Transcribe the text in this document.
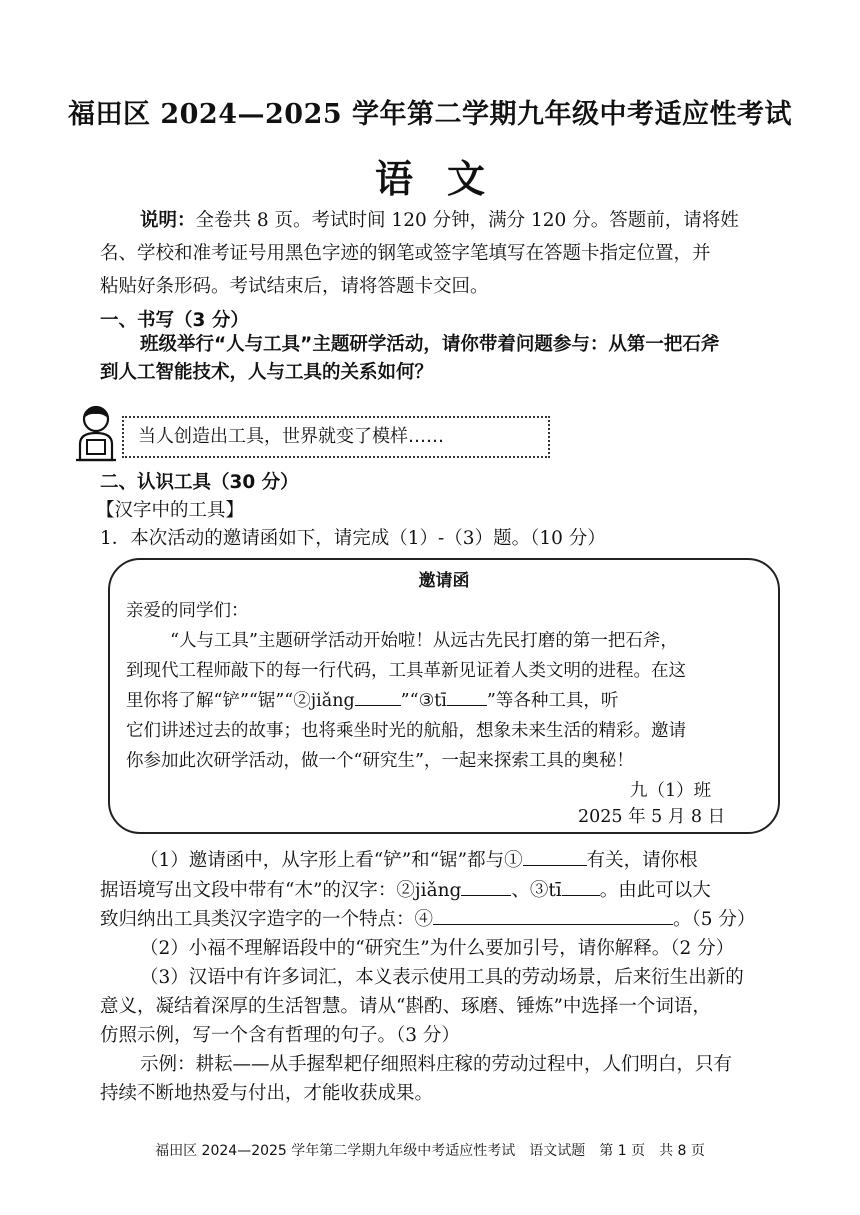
福田区 2024—2025 学年第二学期九年级中考适应性考试
语文
说明：全卷共 8 页。考试时间 120 分钟，满分 120 分。答题前，请将姓
名、学校和准考证号用黑色字迹的钢笔或签字笔填写在答题卡指定位置，并
粘贴好条形码。考试结束后，请将答题卡交回。
一、书写（3 分）
班级举行“人与工具”主题研学活动，请你带着问题参与：从第一把石斧
到人工智能技术，人与工具的关系如何？
当人创造出工具，世界就变了模样……
二、认识工具（30 分）
【汉字中的工具】
1．本次活动的邀请函如下，请完成（1）-（3）题。（10 分）
邀请函
亲爱的同学们：
“人与工具”主题研学活动开始啦！从远古先民打磨的第一把石斧，
到现代工程师敲下的每一行代码，工具革新见证着人类文明的进程。在这
里你将了解“铲”“锯”“②jiǎng	”“③tī ”等各种工具，听
它们讲述过去的故事；也将乘坐时光的航船，想象未来生活的精彩。邀请
你参加此次研学活动，做一个“研究生”，一起来探索工具的奥秘！
九（1）班
2025 年 5 月 8 日
（1）邀请函中，从字形上看“铲”和“锯”都与①	有关，请你根
据语境写出文段中带有“木”的汉字：②jiǎng	、③tī 。由此可以大
致归纳出工具类汉字造字的一个特点：④	。（5 分）
（2）小福不理解语段中的“研究生”为什么要加引号，请你解释。（2 分）
（3）汉语中有许多词汇，本义表示使用工具的劳动场景，后来衍生出新的
意义，凝结着深厚的生活智慧。请从“斟酌、琢磨、锤炼”中选择一个词语，
仿照示例，写一个含有哲理的句子。（3 分）
示例：耕耘——从手握犁耙仔细照料庄稼的劳动过程中，人们明白，只有
持续不断地热爱与付出，才能收获成果。
福田区 2024—2025 学年第二学期九年级中考适应性考试　语文试题　第 1 页　共 8 页
